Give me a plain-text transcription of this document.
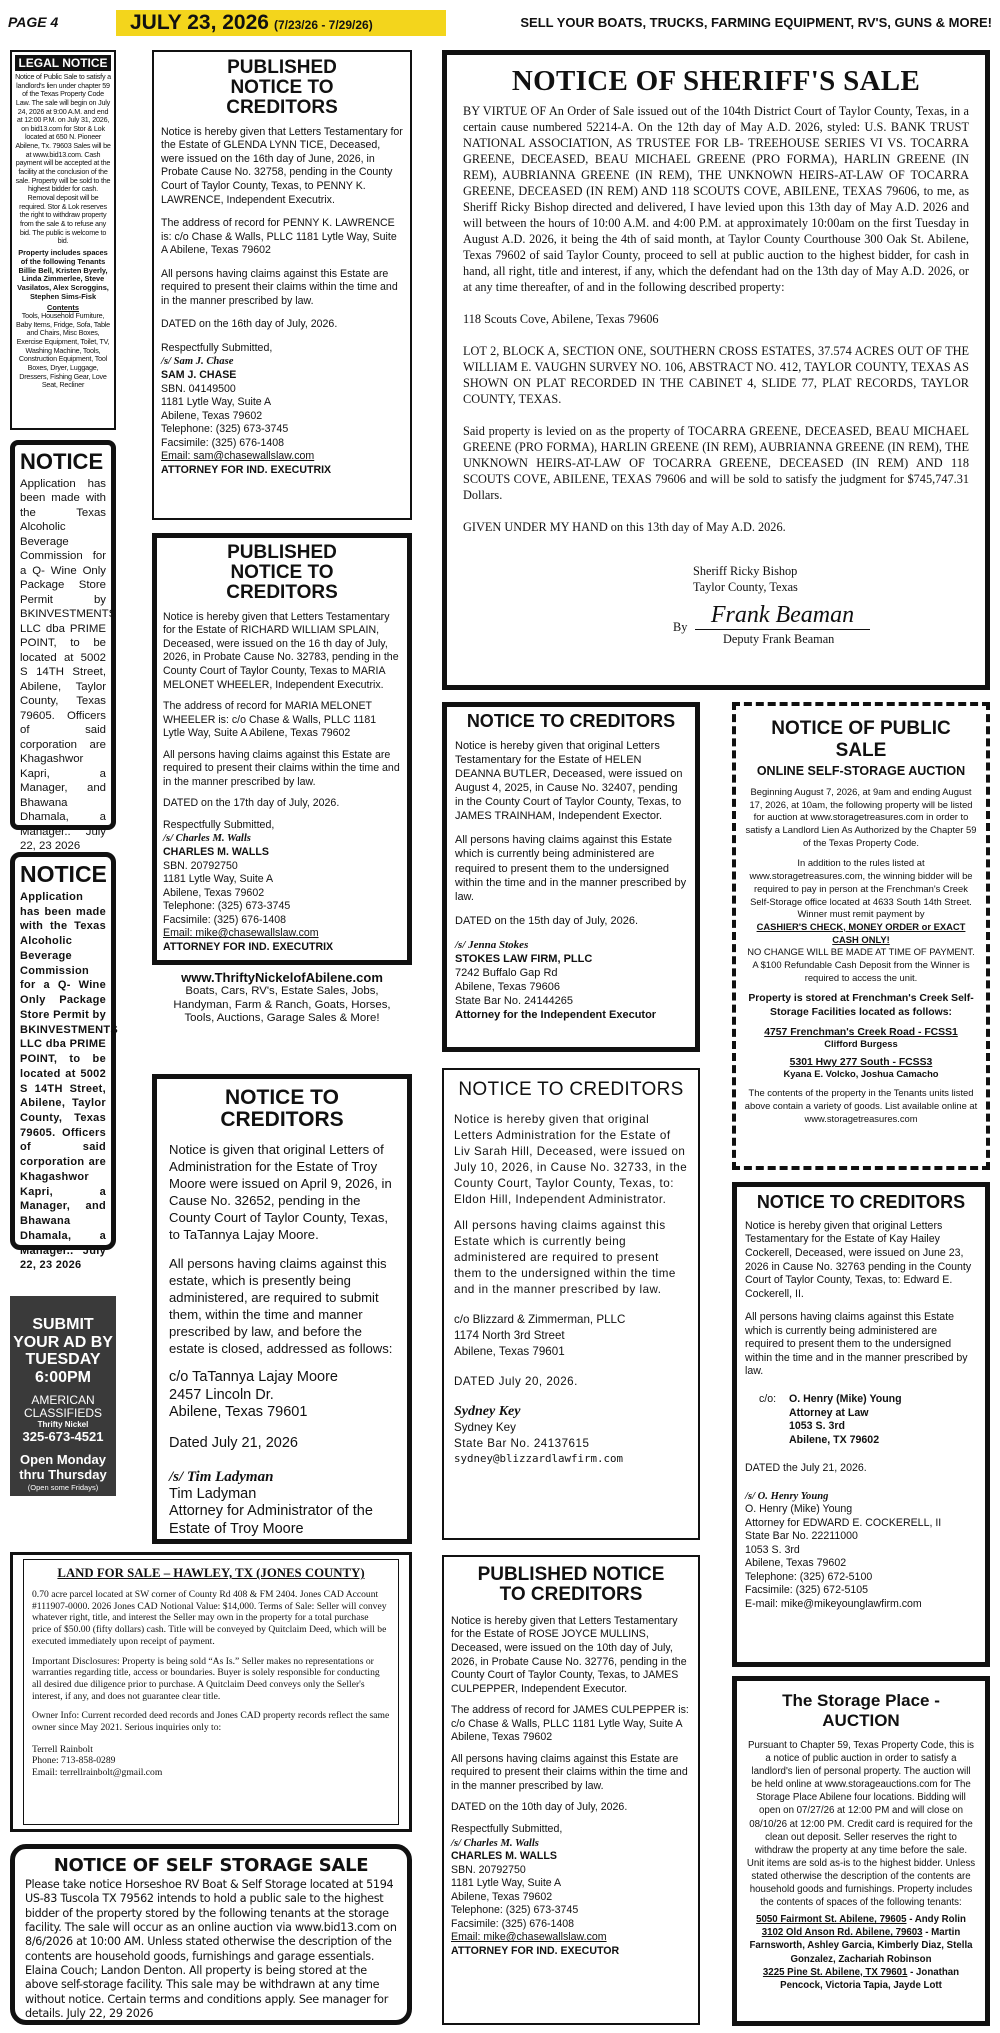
PAGE 4	JULY 23, 2026 (7/23/26 - 7/29/26)	SELL YOUR BOATS, TRUCKS, FARMING EQUIPMENT, RV'S, GUNS & MORE!
LEGAL NOTICE
Notice of Public Sale to satisfy a landlord's lien under chapter 59 of the Texas Property Code Law. The sale will begin on July 24, 2026 at 9:00 A.M. and end at 12:00 P.M. on July 31, 2026, on bid13.com for Stor & Lok located at 650 N. Pioneer Abilene, Tx. 79603 Sales will be at www.bid13.com. Cash payment will be accepted at the facility at the conclusion of the sale. Property will be sold to the highest bidder for cash. Removal deposit will be required. Stor & Lok reserves the right to withdraw property from the sale & to refuse any bid. The public is welcome to bid.
Property includes spaces of the following Tenants
Billie Bell, Kristen Byerly, Linda Zimmerlee, Steve Vasilatos, Alex Scroggins, Stephen Sims-Fisk
Contents
Tools, Household Furniture, Baby Items, Fridge, Sofa, Table and Chairs, Misc Boxes, Exercise Equipment, Toilet, TV, Washing Machine, Tools, Construction Equipment, Tool Boxes, Dryer, Luggage, Dressers, Fishing Gear, Love Seat, Recliner
NOTICE
Application has been made with the Texas Alcoholic Beverage Commission for a Q- Wine Only Package Store Permit by BKINVESTMENTS LLC dba PRIME POINT, to be located at 5002 S 14TH Street, Abilene, Taylor County, Texas 79605. Officers of said corporation are Khagashwor Kapri, a Manager, and Bhawana Dhamala, a Manager.. July 22, 23 2026
NOTICE
Application has been made with the Texas Alcoholic Beverage Commission for a Q- Wine Only Package Store Permit by BKINVESTMENTS LLC dba PRIME POINT, to be located at 5002 S 14TH Street, Abilene, Taylor County, Texas 79605. Officers of said corporation are Khagashwor Kapri, a Manager, and Bhawana Dhamala, a Manager.. July 22, 23 2026
SUBMIT
YOUR AD BY
TUESDAY
6:00PM
AMERICAN
CLASSIFIEDS
Thrifty Nickel
325-673-4521
Open Monday
thru Thursday
(Open some Fridays)
PUBLISHED NOTICE TO CREDITORS
Notice is hereby given that Letters Testamentary for the Estate of GLENDA LYNN TICE, Deceased, were issued on the 16th day of June, 2026, in Probate Cause No. 32758, pending in the County Court of Taylor County, Texas, to PENNY K. LAWRENCE, Independent Executrix.
The address of record for PENNY K. LAWRENCE is: c/o Chase & Walls, PLLC 1181 Lytle Way, Suite A Abilene, Texas 79602
All persons having claims against this Estate are required to present their claims within the time and in the manner prescribed by law.
DATED on the 16th day of July, 2026.
Respectfully Submitted,
/s/ Sam J. Chase
SAM J. CHASE
SBN. 04149500
1181 Lytle Way, Suite A
Abilene, Texas 79602
Telephone: (325) 673-3745
Facsimile: (325) 676-1408
Email: sam@chasewallslaw.com
ATTORNEY FOR IND. EXECUTRIX
PUBLISHED NOTICE TO CREDITORS
Notice is hereby given that Letters Testamentary for the Estate of RICHARD WILLIAM SPLAIN, Deceased, were issued on the 16 th day of July, 2026, in Probate Cause No. 32783, pending in the County Court of Taylor County, Texas to MARIA MELONET WHEELER, Independent Executrix.
The address of record for MARIA MELONET WHEELER is: c/o Chase & Walls, PLLC 1181 Lytle Way, Suite A Abilene, Texas 79602
All persons having claims against this Estate are required to present their claims within the time and in the manner prescribed by law.
DATED on the 17th day of July, 2026.
Respectfully Submitted,
/s/ Charles M. Walls
CHARLES M. WALLS
SBN. 20792750
1181 Lytle Way, Suite A
Abilene, Texas 79602
Telephone: (325) 673-3745
Facsimile: (325) 676-1408
Email: mike@chasewallslaw.com
ATTORNEY FOR IND. EXECUTRIX
www.ThriftyNickelofAbilene.com
Boats, Cars, RV's, Estate Sales, Jobs, Handyman, Farm & Ranch, Goats, Horses, Tools, Auctions, Garage Sales & More!
NOTICE TO CREDITORS
Notice is given that original Letters of Administration for the Estate of Troy Moore were issued on April 9, 2026, in Cause No. 32652, pending in the County Court of Taylor County, Texas, to TaTannya Lajay Moore.
All persons having claims against this estate, which is presently being administered, are required to submit them, within the time and manner prescribed by law, and before the estate is closed, addressed as follows:
c/o TaTannya Lajay Moore
2457 Lincoln Dr.
Abilene, Texas 79601
Dated July 21, 2026
/s/ Tim Ladyman
Tim Ladyman
Attorney for Administrator of the Estate of Troy Moore
NOTICE OF SHERIFF'S SALE
BY VIRTUE OF An Order of Sale issued out of the 104th District Court of Taylor County, Texas, in a certain cause numbered 52214-A. On the 12th day of May A.D. 2026, styled: U.S. BANK TRUST NATIONAL ASSOCIATION, AS TRUSTEE FOR LB- TREEHOUSE SERIES VI VS. TOCARRA GREENE, DECEASED, BEAU MICHAEL GREENE (PRO FORMA), HARLIN GREENE (IN REM), AUBRIANNA GREENE (IN REM), THE UNKNOWN HEIRS-AT-LAW OF TOCARRA GREENE, DECEASED (IN REM) AND 118 SCOUTS COVE, ABILENE, TEXAS 79606, to me, as Sheriff Ricky Bishop directed and delivered, I have levied upon this 13th day of May A.D. 2026 and will between the hours of 10:00 A.M. and 4:00 P.M. at approximately 10:00am on the first Tuesday in August A.D. 2026, it being the 4th of said month, at Taylor County Courthouse 300 Oak St. Abilene, Texas 79602 of said Taylor County, proceed to sell at public auction to the highest bidder, for cash in hand, all right, title and interest, if any, which the defendant had on the 13th day of May A.D. 2026, or at any time thereafter, of and in the following described property:
118 Scouts Cove, Abilene, Texas 79606
LOT 2, BLOCK A, SECTION ONE, SOUTHERN CROSS ESTATES, 37.574 ACRES OUT OF THE WILLIAM E. VAUGHN SURVEY NO. 106, ABSTRACT NO. 412, TAYLOR COUNTY, TEXAS AS SHOWN ON PLAT RECORDED IN THE CABINET 4, SLIDE 77, PLAT RECORDS, TAYLOR COUNTY, TEXAS.
Said property is levied on as the property of TOCARRA GREENE, DECEASED, BEAU MICHAEL GREENE (PRO FORMA), HARLIN GREENE (IN REM), AUBRIANNA GREENE (IN REM), THE UNKNOWN HEIRS-AT-LAW OF TOCARRA GREENE, DECEASED (IN REM) AND 118 SCOUTS COVE, ABILENE, TEXAS 79606 and will be sold to satisfy the judgment for $745,747.31 Dollars.
GIVEN UNDER MY HAND on this 13th day of May A.D. 2026.
Sheriff Ricky Bishop
Taylor County, Texas
By Frank Beaman
Deputy Frank Beaman
NOTICE TO CREDITORS
Notice is hereby given that original Letters Testamentary for the Estate of HELEN DEANNA BUTLER, Deceased, were issued on August 4, 2025, in Cause No. 32407, pending in the County Court of Taylor County, Texas, to JAMES TRAINHAM, Independent Exector.
All persons having claims against this Estate which is currently being administered are required to present them to the undersigned within the time and in the manner prescribed by law.
DATED on the 15th day of July, 2026.
/s/ Jenna Stokes
STOKES LAW FIRM, PLLC
7242 Buffalo Gap Rd
Abilene, Texas 79606
State Bar No. 24144265
Attorney for the Independent Executor
NOTICE OF PUBLIC SALE
ONLINE SELF-STORAGE AUCTION
Beginning August 7, 2026, at 9am and ending August 17, 2026, at 10am, the following property will be listed for auction at www.storagetreasures.com in order to satisfy a Landlord Lien As Authorized by the Chapter 59 of the Texas Property Code.
In addition to the rules listed at www.storagetreasures.com, the winning bidder will be required to pay in person at the Frenchman's Creek Self-Storage office located at 4633 South 14th Street.
Winner must remit payment by
CASHIER'S CHECK, MONEY ORDER or EXACT CASH ONLY!
NO CHANGE WILL BE MADE AT TIME OF PAYMENT. A $100 Refundable Cash Deposit from the Winner is required to access the unit.
Property is stored at Frenchman's Creek Self-Storage Facilities located as follows:
4757 Frenchman's Creek Road - FCSS1
Clifford Burgess
5301 Hwy 277 South - FCSS3
Kyana E. Volcko, Joshua Camacho
The contents of the property in the Tenants units listed above contain a variety of goods. List available online at www.storagetreasures.com
NOTICE TO CREDITORS
Notice is hereby given that original Letters Administration for the Estate of Liv Sarah Hill, Deceased, were issued on July 10, 2026, in Cause No. 32733, in the County Court, Taylor County, Texas, to: Eldon Hill, Independent Administrator.
All persons having claims against this Estate which is currently being administered are required to present them to the undersigned within the time and in the manner prescribed by law.
c/o Blizzard & Zimmerman, PLLC
1174 North 3rd Street
Abilene, Texas 79601
DATED July 20, 2026.
Sydney Key
Sydney Key
State Bar No. 24137615
sydney@blizzardlawfirm.com
NOTICE TO CREDITORS
Notice is hereby given that original Letters Testamentary for the Estate of Kay Hailey Cockerell, Deceased, were issued on June 23, 2026 in Cause No. 32763 pending in the County Court of Taylor County, Texas, to: Edward E. Cockerell, II.
All persons having claims against this Estate which is currently being administered are required to present them to the undersigned within the time and in the manner prescribed by law.
c/o:	O. Henry (Mike) Young
Attorney at Law
1053 S. 3rd
Abilene, TX 79602
DATED the July 21, 2026.
/s/ O. Henry Young
O. Henry (Mike) Young
Attorney for EDWARD E. COCKERELL, II
State Bar No. 22211000
1053 S. 3rd
Abilene, Texas 79602
Telephone: (325) 672-5100
Facsimile: (325) 672-5105
E-mail: mike@mikeyounglawfirm.com
LAND FOR SALE – HAWLEY, TX (JONES COUNTY)
0.70 acre parcel located at SW corner of County Rd 408 & FM 2404. Jones CAD Account #111907-0000. 2026 Jones CAD Notional Value: $14,000. Terms of Sale: Seller will convey whatever right, title, and interest the Seller may own in the property for a total purchase price of $50.00 (fifty dollars) cash. Title will be conveyed by Quitclaim Deed, which will be executed immediately upon receipt of payment.
Important Disclosures: Property is being sold “As Is.” Seller makes no representations or warranties regarding title, access or boundaries. Buyer is solely responsible for conducting all desired due diligence prior to purchase. A Quitclaim Deed conveys only the Seller's interest, if any, and does not guarantee clear title.
Owner Info: Current recorded deed records and Jones CAD property records reflect the same owner since May 2021. Serious inquiries only to:
Terrell Rainbolt
Phone: 713-858-0289
Email: terrellrainbolt@gmail.com
NOTICE OF SELF STORAGE SALE
Please take notice Horseshoe RV Boat & Self Storage located at 5194 US-83 Tuscola TX 79562 intends to hold a public sale to the highest bidder of the property stored by the following tenants at the storage facility. The sale will occur as an online auction via www.bid13.com on 8/6/2026 at 10:00 AM. Unless stated otherwise the description of the contents are household goods, furnishings and garage essentials. Elaina Couch; Landon Denton. All property is being stored at the above self-storage facility. This sale may be withdrawn at any time without notice. Certain terms and conditions apply. See manager for details. July 22, 29 2026
PUBLISHED NOTICE TO CREDITORS
Notice is hereby given that Letters Testamentary for the Estate of ROSE JOYCE MULLINS, Deceased, were issued on the 10th day of July, 2026, in Probate Cause No. 32776, pending in the County Court of Taylor County, Texas, to JAMES CULPEPPER, Independent Executor.
The address of record for JAMES CULPEPPER is: c/o Chase & Walls, PLLC 1181 Lytle Way, Suite A Abilene, Texas 79602
All persons having claims against this Estate are required to present their claims within the time and in the manner prescribed by law.
DATED on the 10th day of July, 2026.
Respectfully Submitted,
/s/ Charles M. Walls
CHARLES M. WALLS
SBN. 20792750
1181 Lytle Way, Suite A
Abilene, Texas 79602
Telephone: (325) 673-3745
Facsimile: (325) 676-1408
Email: mike@chasewallslaw.com
ATTORNEY FOR IND. EXECUTOR
The Storage Place - AUCTION
Pursuant to Chapter 59, Texas Property Code, this is a notice of public auction in order to satisfy a landlord's lien of personal property. The auction will be held online at www.storageauctions.com for The Storage Place Abilene four locations. Bidding will open on 07/27/26 at 12:00 PM and will close on 08/10/26 at 12:00 PM. Credit card is required for the clean out deposit. Seller reserves the right to withdraw the property at any time before the sale. Unit items are sold as-is to the highest bidder. Unless stated otherwise the description of the contents are household goods and furnishings. Property includes the contents of spaces of the following tenants:
5050 Fairmont St. Abilene, 79605 - Andy Rolin
3102 Old Anson Rd. Abilene, 79603 - Martin Farnsworth, Ashley Garcia, Kimberly Diaz, Stella Gonzalez, Zachariah Robinson
3225 Pine St. Abilene, TX 79601 - Jonathan Pencock, Victoria Tapia, Jayde Lott
